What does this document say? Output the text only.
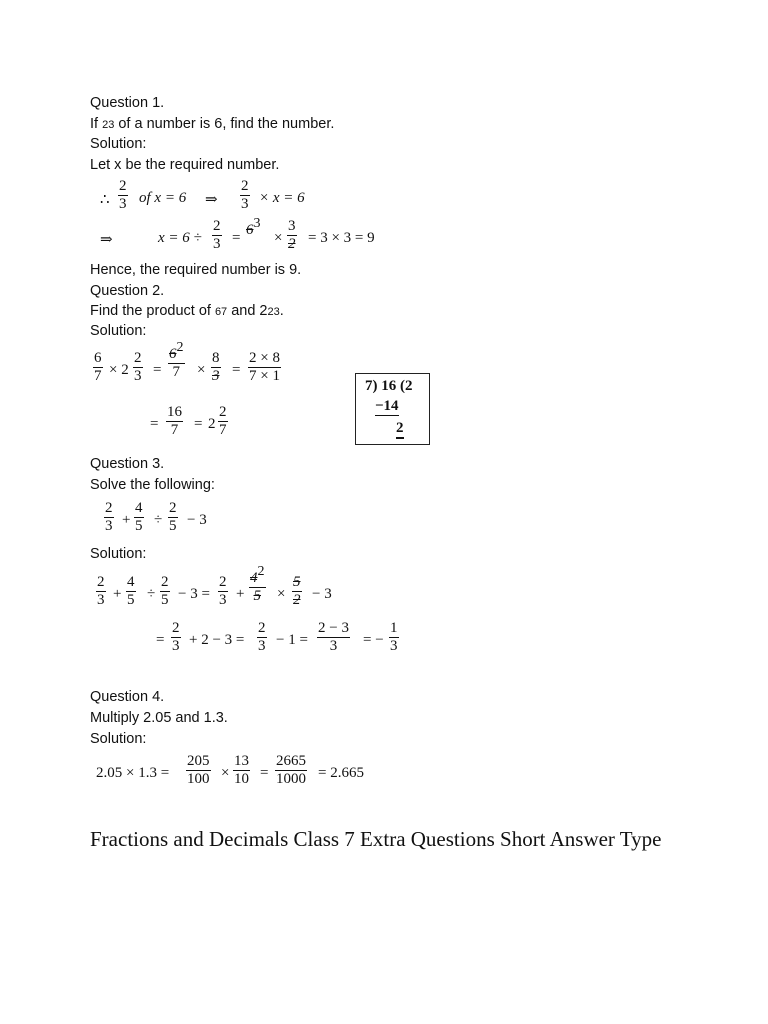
Question 1.
If 23 of a number is 6, find the number.
Solution:
Let x be the required number.
∴ $\frac{2}{3}$ of x = 6 ⇒ $\frac{2}{3} \times x = 6$
⇒	$x = 6 \div \frac{2}{3} = 63$
× $\frac{3}{2} = 3 \times 3 = 9$
Hence, the required number is 9.
Question 2.
Find the product of 67 and 223.
Solution:
$\frac{6}{7} \times 2 \frac{2}{3} = \frac{62}{7} \times \frac{8}{3} = \frac{2 \times 8}{7 \times 1}$
= $\frac{16}{7} = 2 \frac{2}{7}$
7) 16 (2
−14
2
Question 3.
Solve the following:
$\frac{2}{3} + \frac{4}{5} \div \frac{2}{5} - 3$
Solution:
$\frac{2}{3} + \frac{4}{5} \div \frac{2}{5} - 3 = \frac{2}{3} + \frac{42}{5} \times \frac{5}{2} - 3$
= $\frac{2}{3} + 2 - 3 = \frac{2}{3} - 1 = \frac{2 - 3}{3}$ = − $\frac{1}{3}$
Question 4.
Multiply 2.05 and 1.3.
Solution:
$2.05 \times 1.3 = \frac{205}{100} \times \frac{13}{10} = \frac{2665}{1000} = 2.665$
Fractions and Decimals Class 7 Extra Questions Short Answer Type
